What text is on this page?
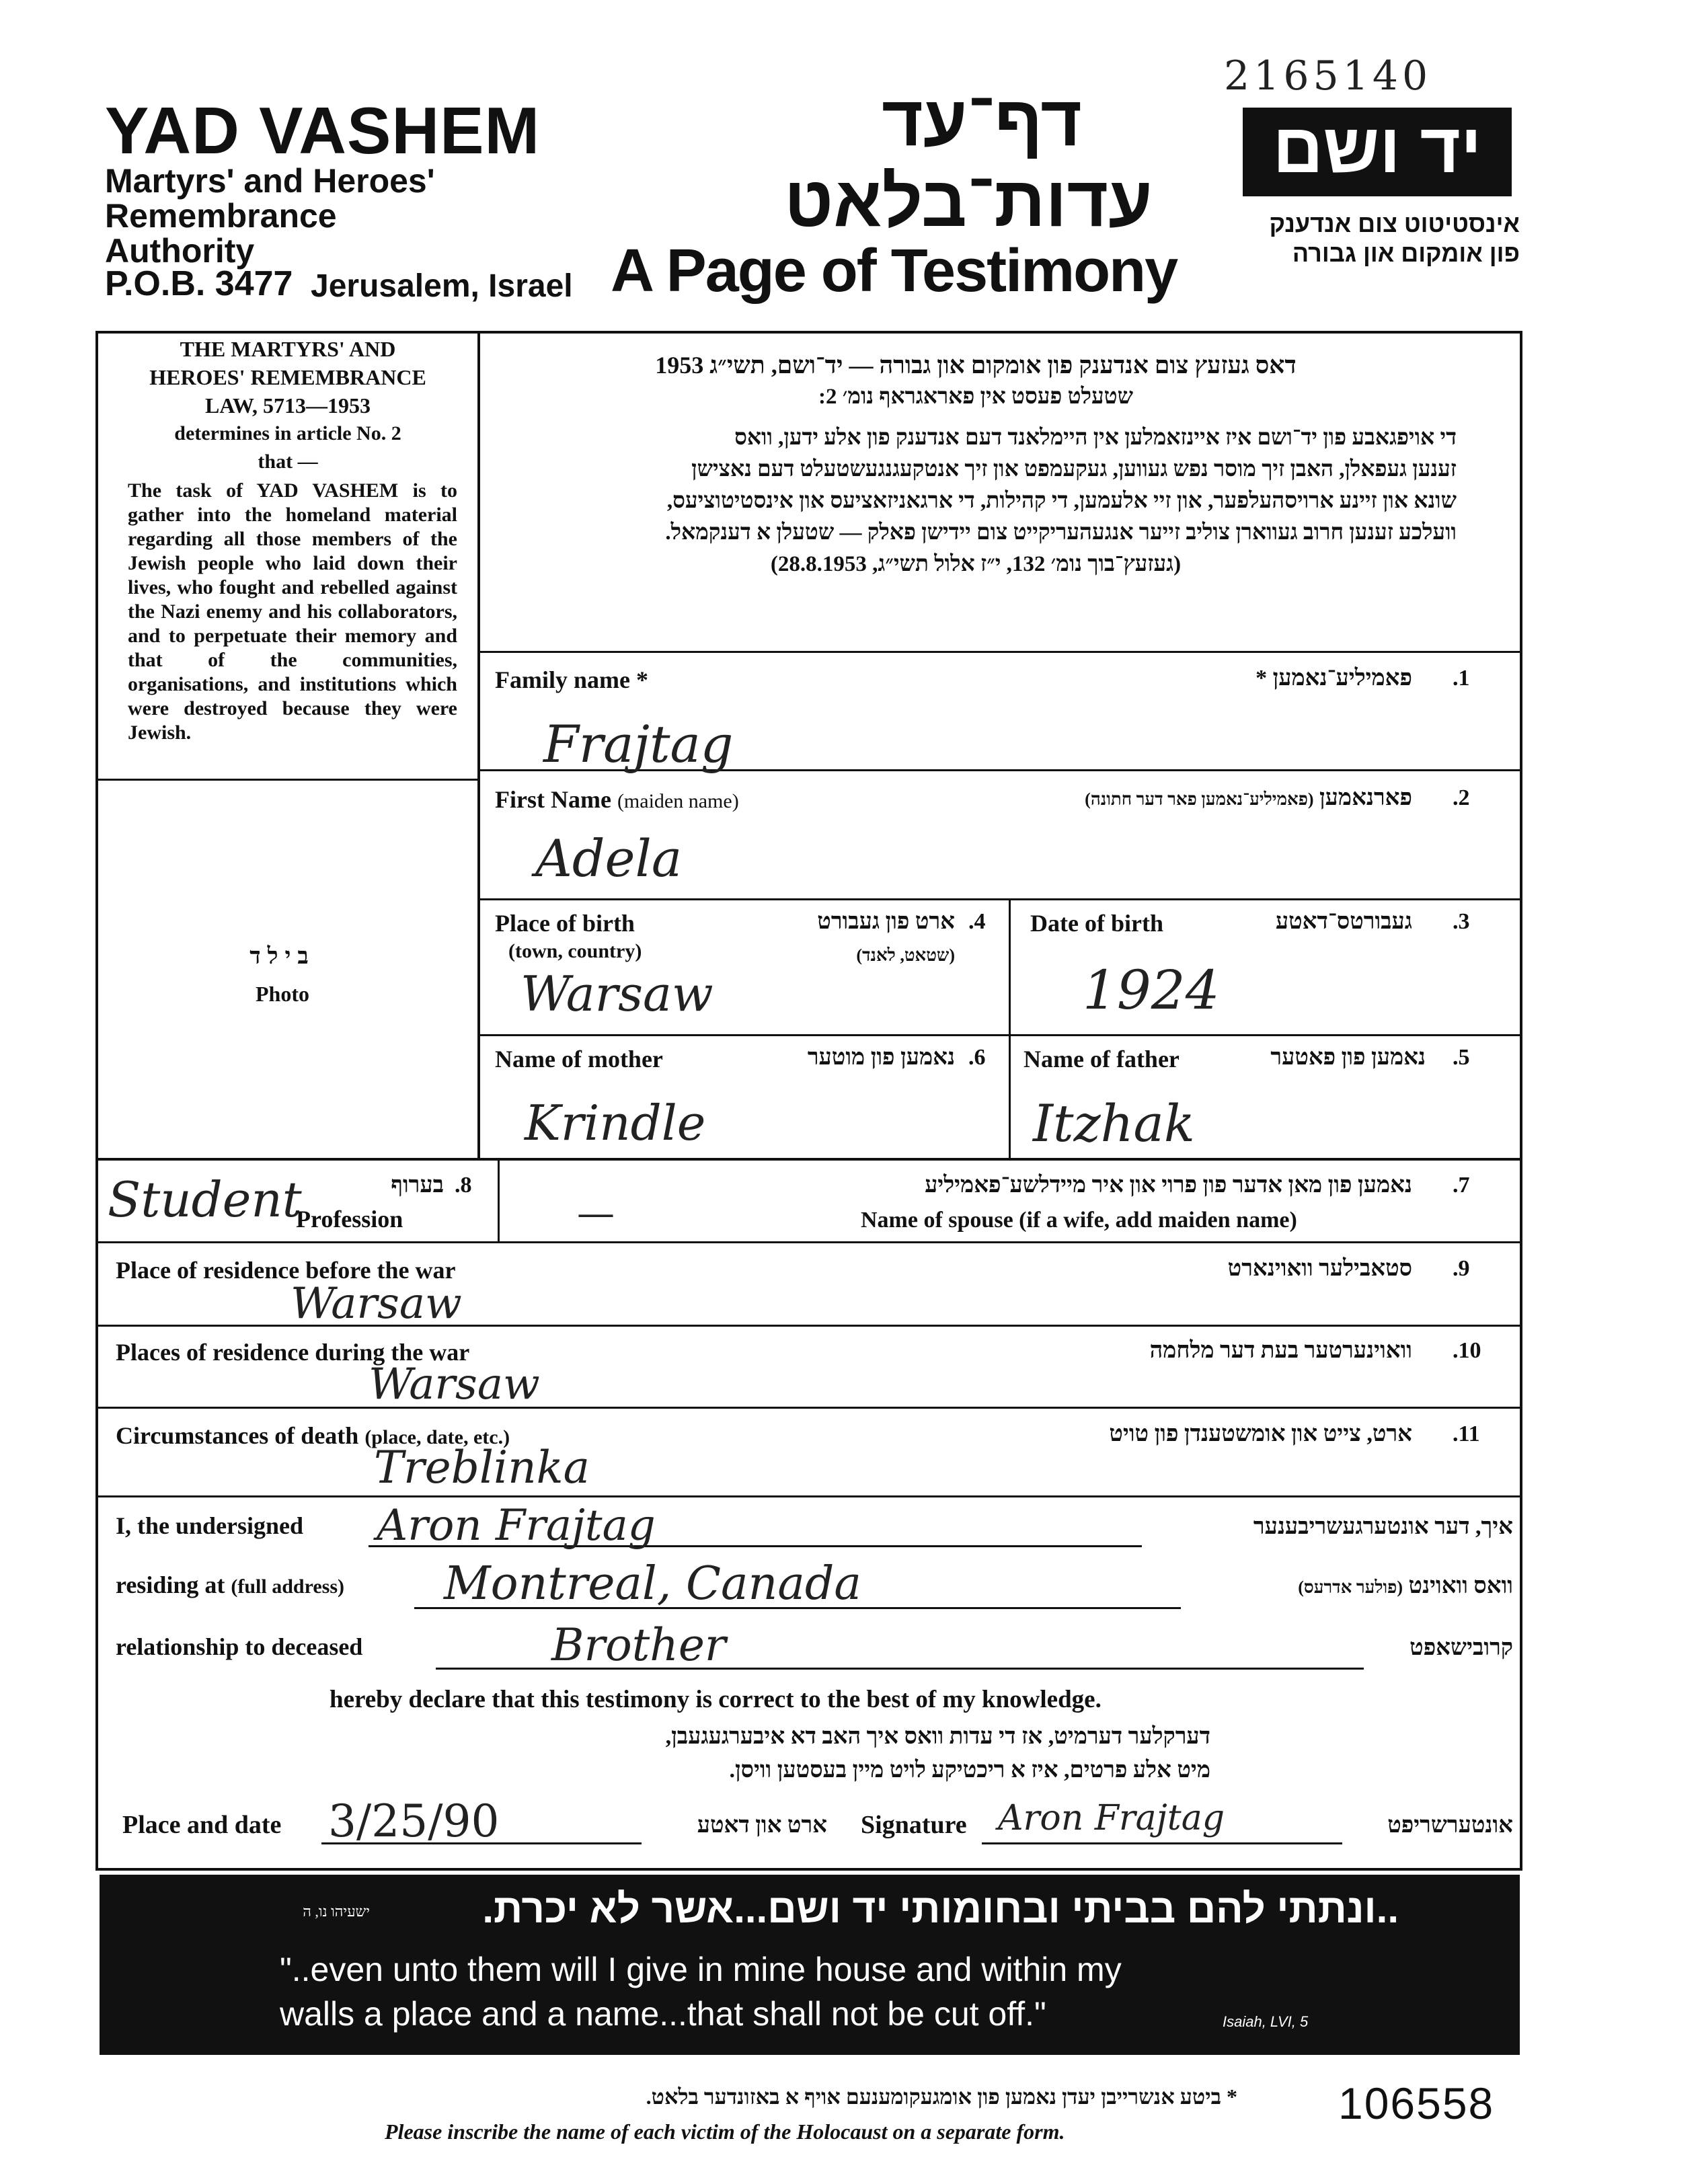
2165140
YAD VASHEM
Martyrs' and Heroes'
Remembrance
Authority
P.O.B. 3477 Jerusalem, Israel
דף־עד
עדות־בלאט
A Page of Testimony
יד ושם
אינסטיטוט צום אנדענק
פון אומקום און גבורה
THE MARTYRS' AND
HEROES' REMEMBRANCE
LAW, 5713—1953
determines in article No. 2
that —
The task of YAD VASHEM is to gather into the homeland material regarding all those members of the Jewish people who laid down their lives, who fought and rebelled against the Nazi enemy and his collaborators, and to perpetuate their memory and that of the communities, organisations, and institutions which were destroyed because they were Jewish.
בילד
Photo
דאס געזעץ צום אנדענק פון אומקום און גבורה — יד־ושם, תשי״ג 1953
שטעלט פעסט אין פאראגראף נומ׳ 2:
די אויפגאבע פון יד־ושם איז איינזאמלען אין היימלאנד דעם אנדענק פון אלע ידען, וואס
זענען געפאלן, האבן זיך מוסר נפש געווען, געקעמפט און זיך אנטקעגנגעשטעלט דעם נאצישן
שונא און זיינע ארויסהעלפער, און זיי אלעמען, די קהילות, די ארגאניזאציעס און אינסטיטוציעס,
וועלכע זענען חרוב געווארן צוליב זייער אנגעהעריקייט צום יידישן פאלק — שטעלן א דענקמאל.
(געזעץ־בוך נומ׳ 132, י״ז אלול תשי״ג, 28.8.1953)
Family name *	פאמיליע־נאמען * .1
Frajtag
First Name (maiden name)	פארנאמען (פאמיליע־נאמען פאר דער חתונה)	.2
Adela
Place of birth
(town, country)
ארט פון געבורט
(שטאט, לאנד)
.4
Warsaw
Date of birth	געבורטס־דאטע .3
1924
Name of mother	נאמען פון מוטער .6
Krindle
Name of father	נאמען פון פאטער .5
Itzhak
Student	בערוף .8
Profession
נאמען פון מאן אדער פון פרוי און איר מיידלשע־פאמיליע .7
—	Name of spouse (if a wife, add maiden name)
Place of residence before the war	סטאבילער וואוינארט .9
Warsaw
Places of residence during the war	וואוינערטער בעת דער מלחמה .10
Warsaw
Circumstances of death (place, date, etc.)	ארט, צייט און אומשטענדן פון טויט .11
Treblinka
I, the undersigned Aron Frajtag	איך, דער אונטערגעשריבענער
residing at (full address) Montreal, Canada	וואס וואוינט (פולער אדרעס)
relationship to deceased	Brother	קרובישאפט
hereby declare that this testimony is correct to the best of my knowledge.
דערקלער דערמיט, אז די עדות וואס איך האב דא איבערגעגעבן,
מיט אלע פרטים, איז א ריכטיקע לויט מיין בעסטען וויסן.
Place and date 3/25/90	ארט און דאטע Signature Aron Frajtag	אונטערשריפט
..ונתתי להם בביתי ובחומותי יד ושם...אשר לא יכרת.
ישעיהו נו, ה
"..even unto them will I give in mine house and within my
walls a place and a name...that shall not be cut off."	Isaiah, LVI, 5
* ביטע אנשרייבן יעדן נאמען פון אומגעקומענעם אויף א באזונדער בלאט.
Please inscribe the name of each victim of the Holocaust on a separate form.
106558
